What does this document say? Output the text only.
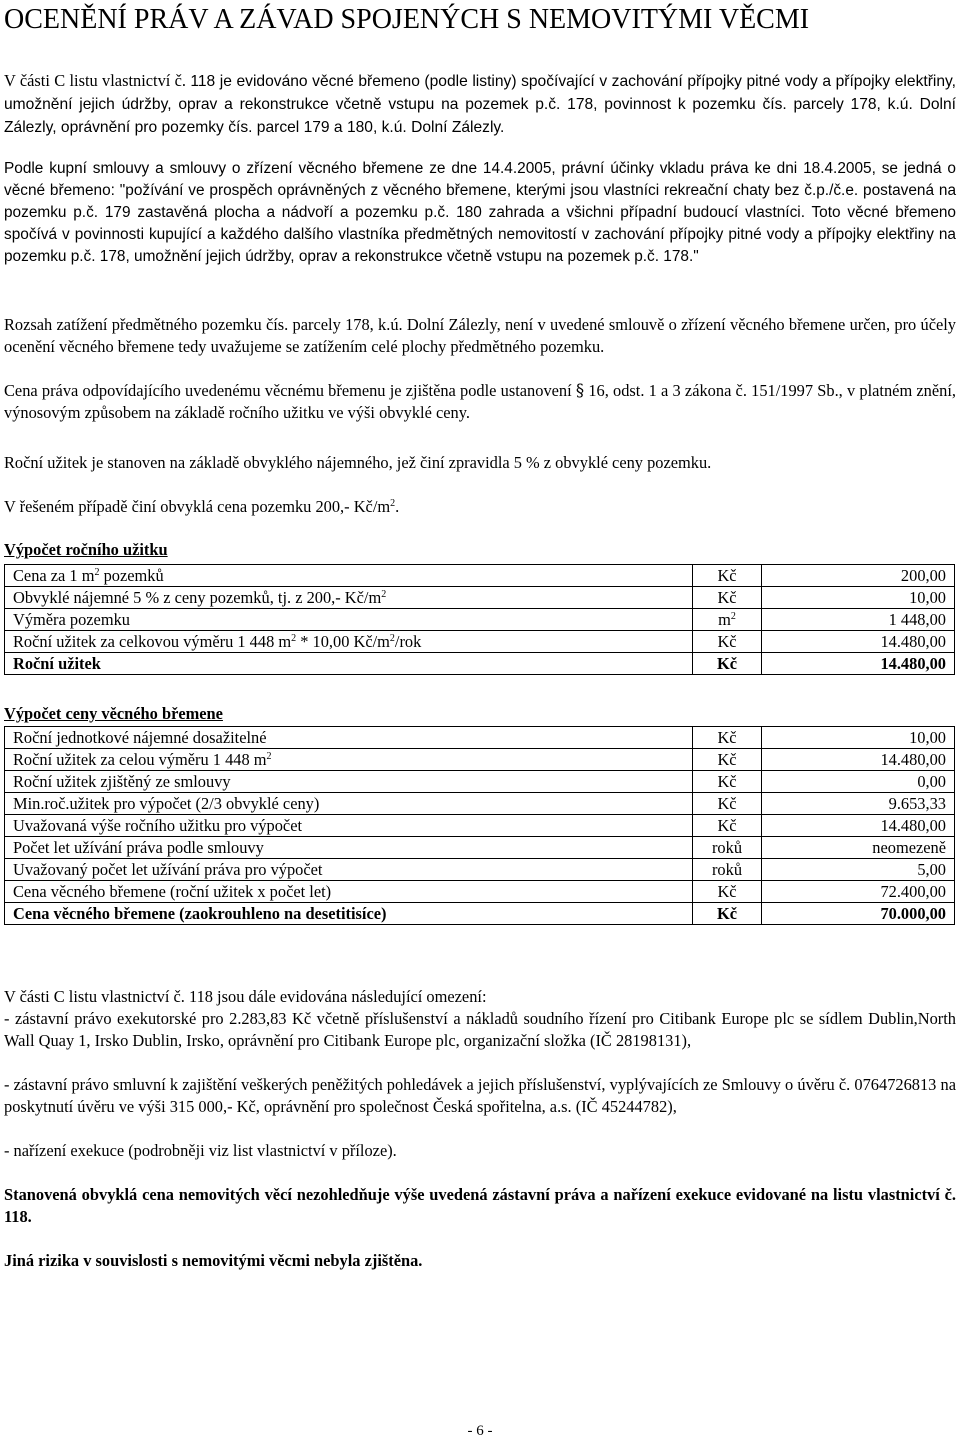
OCENĚNÍ PRÁV A ZÁVAD SPOJENÝCH S NEMOVITÝMI VĚCMI

V části C listu vlastnictví č. 118 je evidováno věcné břemeno (podle listiny) spočívající v zachování přípojky pitné vody a přípojky elektřiny, umožnění jejich údržby, oprav a rekonstrukce včetně vstupu na pozemek p.č. 178, povinnost k pozemku čís. parcely 178, k.ú. Dolní Zálezly, oprávnění pro pozemky čís. parcel 179 a 180, k.ú. Dolní Zálezly.

Podle kupní smlouvy a smlouvy o zřízení věcného břemene ze dne 14.4.2005, právní účinky vkladu práva ke dni 18.4.2005, se jedná o věcné břemeno: "požívání ve prospěch oprávněných z věcného břemene, kterými jsou vlastníci rekreační chaty bez č.p./č.e. postavená na pozemku p.č. 179 zastavěná plocha a nádvoří a pozemku p.č. 180 zahrada a všichni případní budoucí vlastníci. Toto věcné břemeno spočívá v povinnosti kupující a každého dalšího vlastníka předmětných nemovitostí v zachování přípojky pitné vody a přípojky elektřiny na pozemku p.č. 178, umožnění jejich údržby, oprav a rekonstrukce včetně vstupu na pozemek p.č. 178."

Rozsah zatížení předmětného pozemku čís. parcely 178, k.ú. Dolní Zálezly, není v uvedené smlouvě o zřízení věcného břemene určen, pro účely ocenění věcného břemene tedy uvažujeme se zatížením celé plochy předmětného pozemku.

Cena práva odpovídajícího uvedenému věcnému břemenu je zjištěna podle ustanovení § 16, odst. 1 a 3 zákona č. 151/1997 Sb., v platném znění, výnosovým způsobem na základě ročního užitku ve výši obvyklé ceny.

Roční užitek je stanoven na základě obvyklého nájemného, jež činí zpravidla 5 % z obvyklé ceny pozemku.

V řešeném případě činí obvyklá cena pozemku 200,- $Kč/m^2$.

Výpočet ročního užitku
Cena za 1 $m^2$ pozemků	Kč	200,00
Obvyklé nájemné 5 % z ceny pozemků, tj. z 200,- $Kč/m^2$	Kč	10,00
Výměra pozemku	$m^2$	1 448,00
Roční užitek za celkovou výměru 1 448 $m^2 * 10,00$ $Kč/m^2$/rok	Kč	14.480,00
Roční užitek	Kč	14.480,00
Výpočet ceny věcného břemene
Roční jednotkové nájemné dosažitelné	Kč	10,00
Roční užitek za celou výměru 1 448 $m^2$	Kč	14.480,00
Roční užitek zjištěný ze smlouvy	Kč	0,00
Min.roč.užitek pro výpočet (2/3 obvyklé ceny)	Kč	9.653,33
Uvažovaná výše ročního užitku pro výpočet	Kč	14.480,00
Počet let užívání práva podle smlouvy	roků	neomezeně
Uvažovaný počet let užívání práva pro výpočet	roků	5,00
Cena věcného břemene (roční užitek x počet let)	Kč	72.400,00
Cena věcného břemene (zaokrouhleno na desetitisíce)	Kč	70.000,00

V části C listu vlastnictví č. 118 jsou dále evidována následující omezení:

- zástavní právo exekutorské pro 2.283,83 Kč včetně příslušenství a nákladů soudního řízení pro Citibank Europe plc se sídlem Dublin,North Wall Quay 1, Irsko Dublin, Irsko, oprávnění pro Citibank Europe plc, organizační složka (IČ 28198131),

- zástavní právo smluvní k zajištění veškerých peněžitých pohledávek a jejich příslušenství, vyplývajících ze Smlouvy o úvěru č. 0764726813 na poskytnutí úvěru ve výši 315 000,- Kč, oprávnění pro společnost Česká spořitelna, a.s. (IČ 45244782),

- nařízení exekuce (podrobněji viz list vlastnictví v příloze).

Stanovená obvyklá cena nemovitých věcí nezohledňuje výše uvedená zástavní práva a nařízení exekuce evidované na listu vlastnictví č. 118.

Jiná rizika v souvislosti s nemovitými věcmi nebyla zjištěna.

- 6 -
